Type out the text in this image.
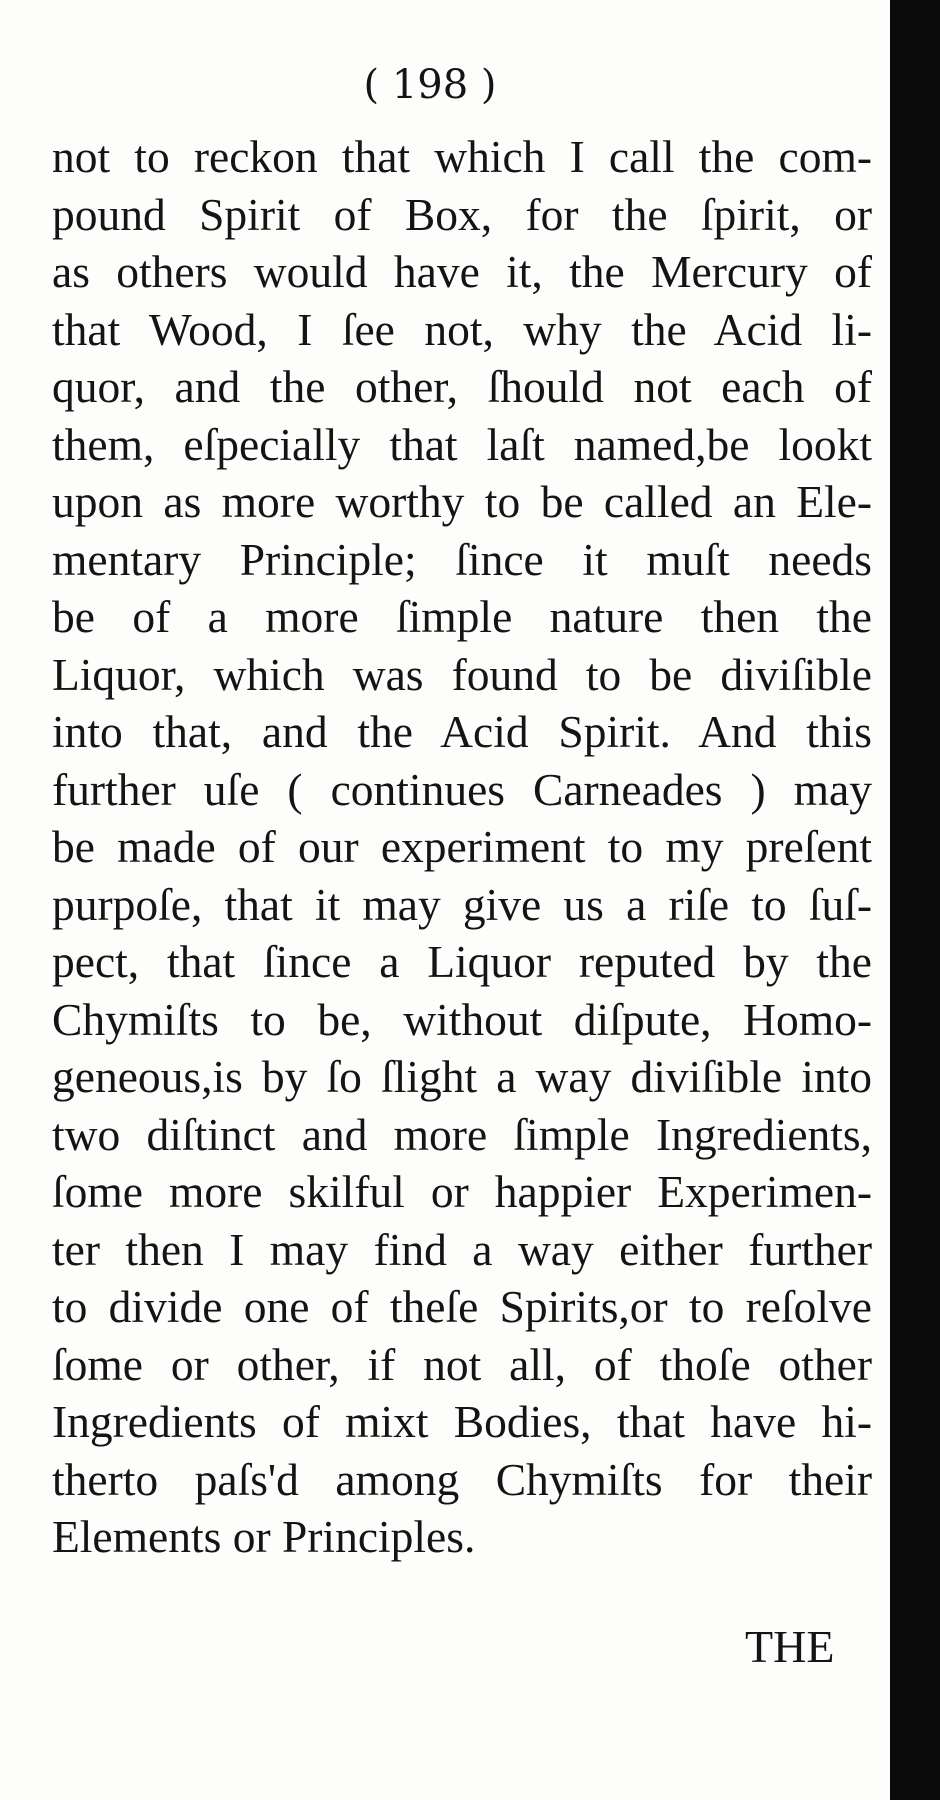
( 198 )
not to reckon that which I call the com-
pound Spirit of Box, for the ſpirit, or
as others would have it, the Mercury of
that Wood, I ſee not, why the Acid li-
quor, and the other, ſhould not each of
them, eſpecially that laſt named,be lookt
upon as more worthy to be called an Ele-
mentary Principle; ſince it muſt needs
be of a more ſimple nature then the
Liquor, which was found to be diviſible
into that, and the Acid Spirit. And this
further uſe ( continues Carneades ) may
be made of our experiment to my preſent
purpoſe, that it may give us a riſe to ſuſ-
pect, that ſince a Liquor reputed by the
Chymiſts to be, without diſpute, Homo-
geneous,is by ſo ſlight a way diviſible into
two diſtinct and more ſimple Ingredients,
ſome more skilful or happier Experimen-
ter then I may find a way either further
to divide one of theſe Spirits,or to reſolve
ſome or other, if not all, of thoſe other
Ingredients of mixt Bodies, that have hi-
therto paſs'd among Chymiſts for their
Elements or Principles.
THE
